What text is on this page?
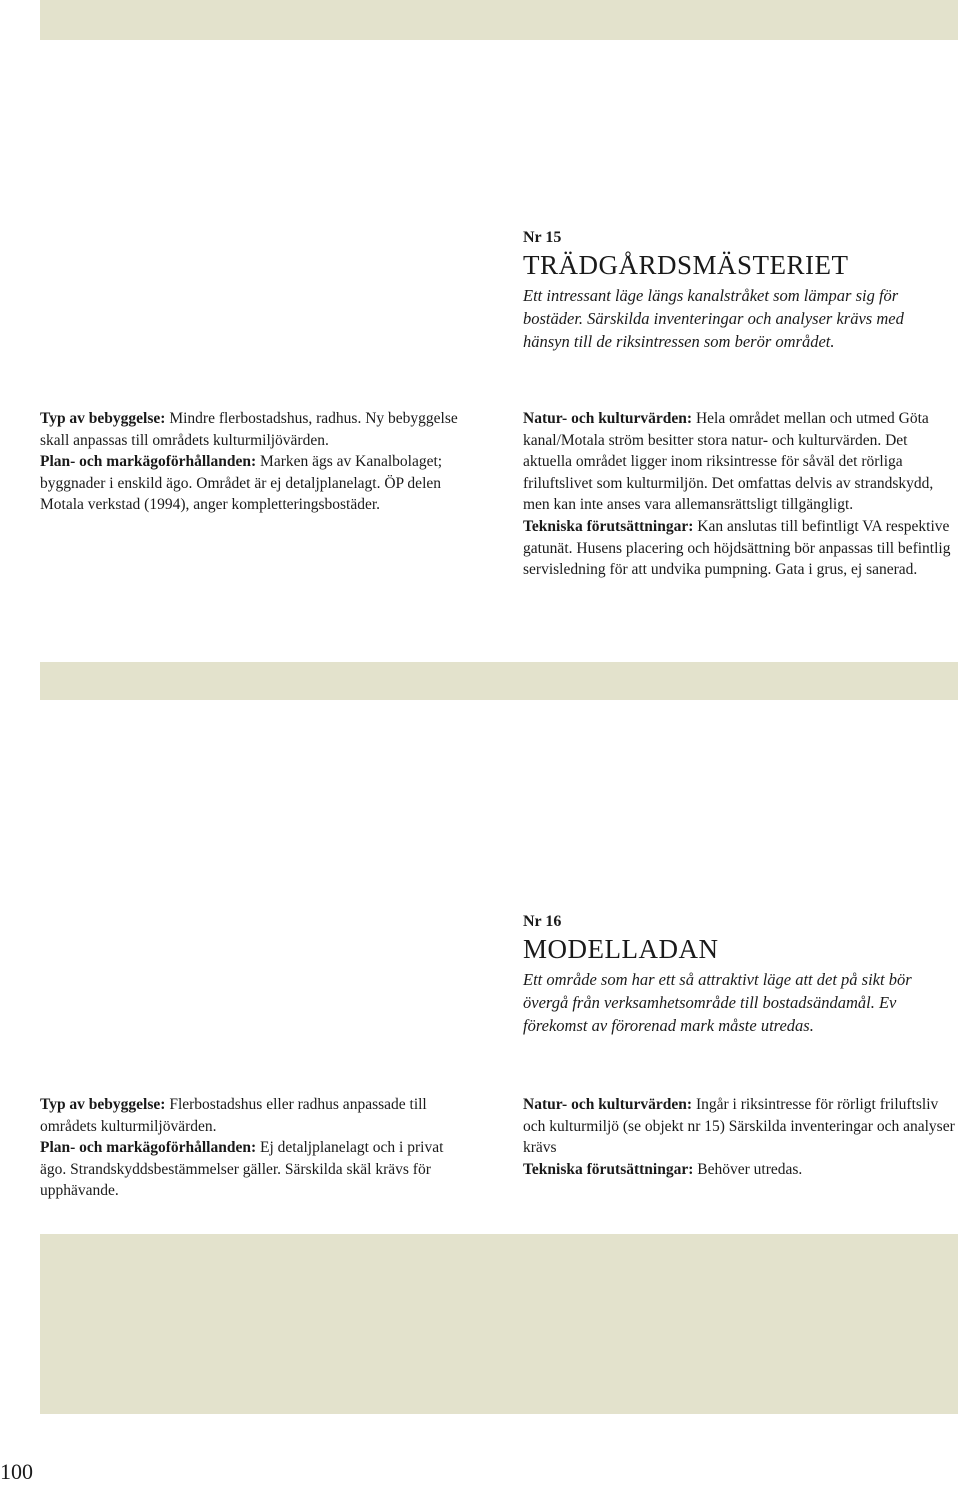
Nr 15
TRÄDGÅRDSMÄSTERIET
Ett intressant läge längs kanalstråket som lämpar sig för bostäder. Särskilda inventeringar och analyser krävs med hänsyn till de riksintressen som berör området.

Typ av bebyggelse: Mindre flerbostadshus, radhus. Ny bebyggelse skall anpassas till områdets kulturmiljövärden.

Plan- och markägoförhållanden: Marken ägs av Kanalbolaget; byggnader i enskild ägo. Området är ej detaljplanelagt. ÖP delen Motala verkstad (1994), anger kompletteringsbostäder.

Natur- och kulturvärden: Hela området mellan och utmed Göta kanal/Motala ström besitter stora natur- och kulturvärden. Det aktuella området ligger inom riksintresse för såväl det rörliga friluftslivet som kulturmiljön. Det omfattas delvis av strandskydd, men kan inte anses vara allemansrättsligt tillgängligt.

Tekniska förutsättningar: Kan anslutas till befintligt VA respektive gatunät. Husens placering och höjdsättning bör anpassas till befintlig servisledning för att undvika pumpning. Gata i grus, ej sanerad.

Nr 16
MODELLADAN
Ett område som har ett så attraktivt läge att det på sikt bör övergå från verksamhetsområde till bostadsändamål. Ev förekomst av förorenad mark måste utredas.

Typ av bebyggelse: Flerbostadshus eller radhus anpassade till områdets kulturmiljövärden.

Plan- och markägoförhållanden: Ej detaljplanelagt och i privat ägo. Strandskyddsbestämmelser gäller. Särskilda skäl krävs för upphävande.

Natur- och kulturvärden: Ingår i riksintresse för rörligt friluftsliv och kulturmiljö (se objekt nr 15) Särskilda inventeringar och analyser krävs

Tekniska förutsättningar: Behöver utredas.

100
